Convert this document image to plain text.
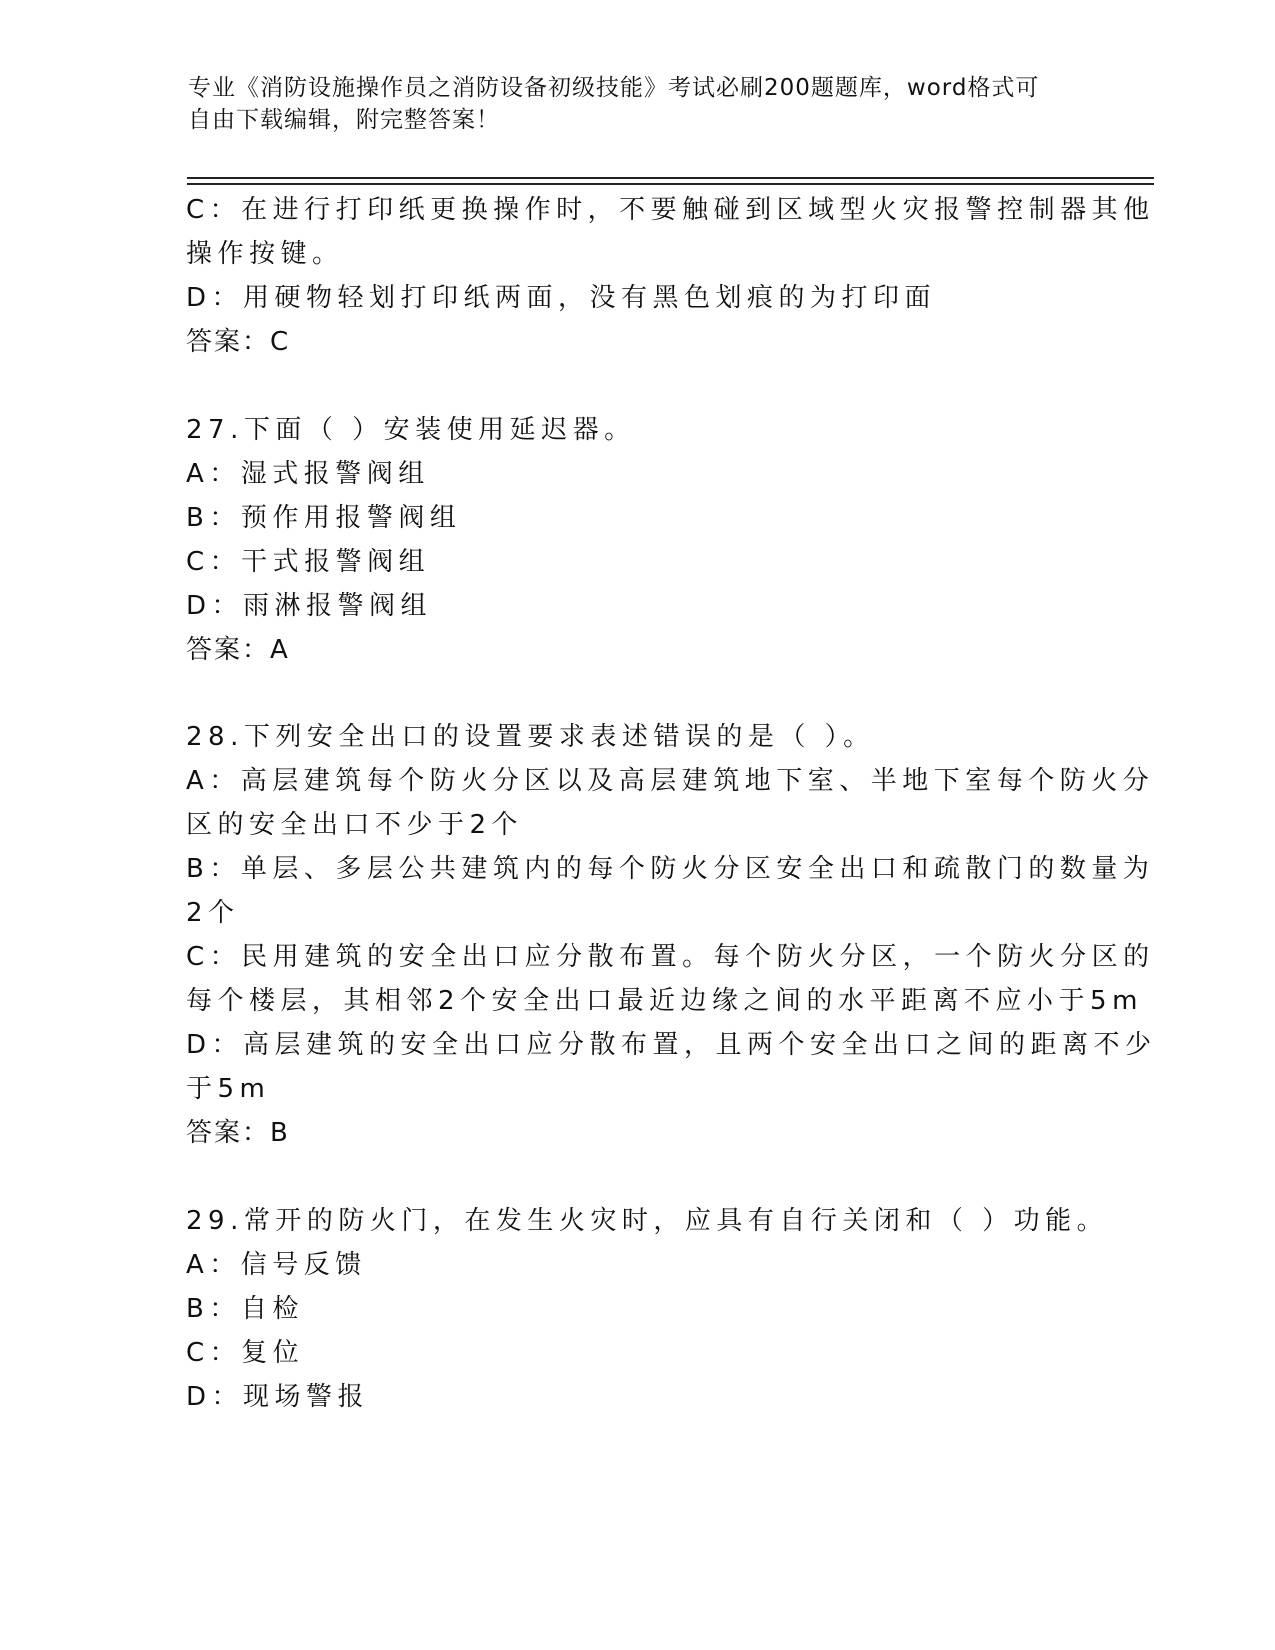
专业《消防设施操作员之消防设备初级技能》考试必刷200题题库，word格式可
自由下载编辑，附完整答案！
C：在进行打印纸更换操作时，不要触碰到区域型火灾报警控制器其他
操作按键。
D：用硬物轻划打印纸两面，没有黑色划痕的为打印面
答案：C
27.下面（ ）安装使用延迟器。
A：湿式报警阀组
B：预作用报警阀组
C：干式报警阀组
D：雨淋报警阀组
答案：A
28.下列安全出口的设置要求表述错误的是（ ）。
A：高层建筑每个防火分区以及高层建筑地下室、半地下室每个防火分
区的安全出口不少于2个
B：单层、多层公共建筑内的每个防火分区安全出口和疏散门的数量为
2个
C：民用建筑的安全出口应分散布置。每个防火分区，一个防火分区的
每个楼层，其相邻2个安全出口最近边缘之间的水平距离不应小于5m
D：高层建筑的安全出口应分散布置，且两个安全出口之间的距离不少
于5m
答案：B
29.常开的防火门，在发生火灾时，应具有自行关闭和（ ）功能。
A：信号反馈
B：自检
C：复位
D：现场警报
